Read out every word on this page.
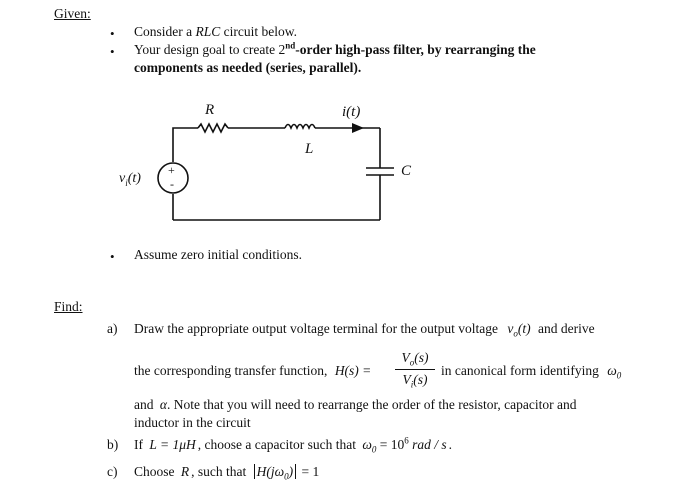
Given:
• Consider a RLC circuit below.
• Your design goal to create 2nd-order high-pass filter, by rearranging the
components as needed (series, parallel).
R
L
i(t)
C
+
-
$v_i(t)$
• Assume zero initial conditions.
Find:
a) Draw the appropriate output voltage terminal for the output voltage $v_o(t)$ and derive
the corresponding transfer function, H(s) =
$V_o(s)$
$V_i(s)$
in canonical form identifying $\omega_0$
and α. Note that you will need to rearrange the order of the resistor, capacitor and
inductor in the circuit
b) If L = 1μH , choose a capacitor such that $\omega_0 = 10^6$ rad / s .
c) Choose R , such that $H(j\omega_0) = 1$
